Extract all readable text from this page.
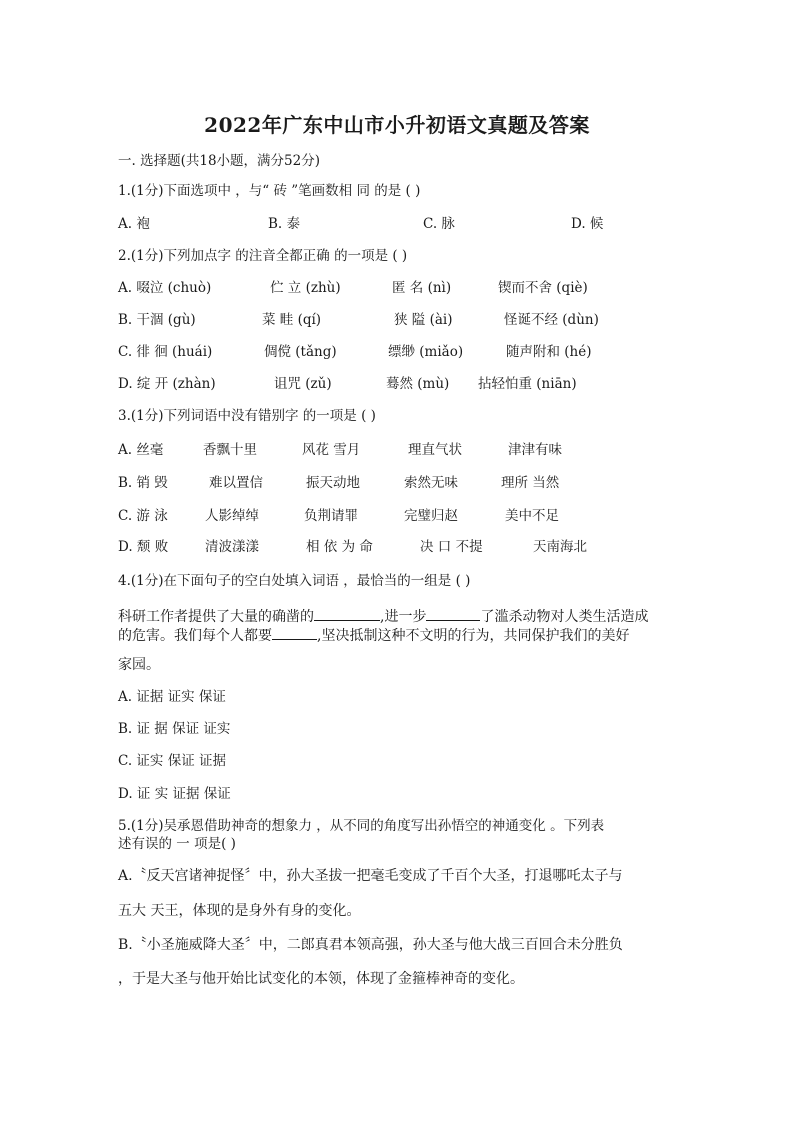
2022年广东中山市小升初语文真题及答案
一. 选择题(共18小题，满分52分)
1.(1分)下面选项中 ，与“ 砖 ”笔画数相 同 的是 ( )
A. 袍	B. 泰	C. 脉	D. 候
2.(1分)下列加点字 的注音全都正确 的一项是 ( )
A. 啜泣 (chuò)	伫 立 (zhù)	匿 名 (nì)	锲而不舍 (qiè)
B. 干涸 (gù)	菜 畦 (qí)	狭 隘 (ài)	怪诞不经 (dùn)
C. 徘 徊 (huái)	倜傥 (tǎng)	缥缈 (miǎo)	随声附和 (hé)
D. 绽 开 (zhàn)	诅咒 (zǔ)	蓦然 (mù) 拈轻怕重 (niān)
3.(1分)下列词语中没有错别字 的一项是 ( )
A. 丝毫	香飘十里	风花 雪月	理直气状	津津有味
B. 销 毁	难以置信	振天动地	索然无味	理所 当然
C. 游 泳	人影绰绰	负荆请罪	完璧归赵	美中不足
D. 颓 败	清波漾漾	相 依 为 命	决 口 不提	天南海北
4.(1分)在下面句子的空白处填入词语 ，最恰当的一组是 ( )
科研工作者提供了大量的确凿的	,进一步	了滥杀动物对人类生活造成
的危害。我们每个人都要	,坚决抵制这种不文明的行为，共同保护我们的美好
家园。
A. 证据 证实 保证
B. 证 据 保证 证实
C. 证实 保证 证据
D. 证 实 证据 保证
5.(1分)吴承恩借助神奇的想象力 ，从不同的角度写出孙悟空的神通变化 。下列表
述有误的 一 项是( )
A.〝反天宫诸神捉怪〞中，孙大圣拔一把毫毛变成了千百个大圣，打退哪吒太子与
五大 天王，体现的是身外有身的变化。
B.〝小圣施威降大圣〞中，二郎真君本领高强，孙大圣与他大战三百回合未分胜负
，于是大圣与他开始比试变化的本领，体现了金箍棒神奇的变化。
